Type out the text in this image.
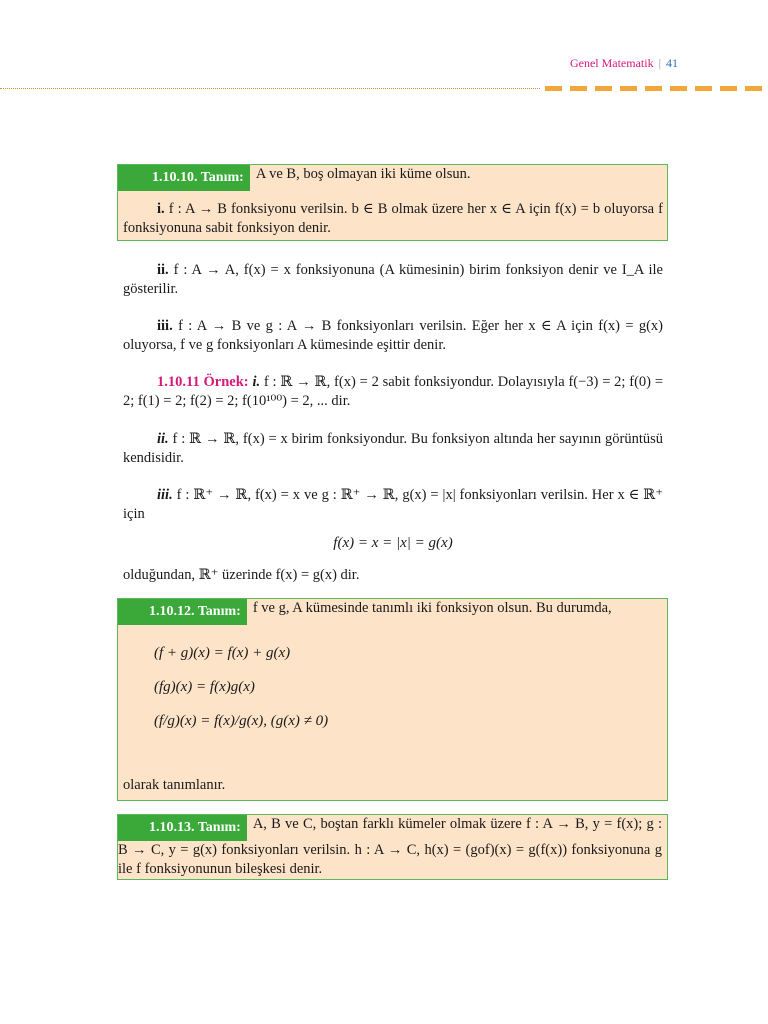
Genel Matematik | 41
1.10.10. Tanım: A ve B, boş olmayan iki küme olsun.
i. f : A → B fonksiyonu verilsin. b ∈ B olmak üzere her x ∈ A için f(x) = b oluyorsa f fonksiyonuna sabit fonksiyon denir.
ii. f : A → A, f(x) = x fonksiyonuna (A kümesinin) birim fonksiyon denir ve I_A ile gösterilir.
iii. f : A → B ve g : A → B fonksiyonları verilsin. Eğer her x ∈ A için f(x) = g(x) oluyorsa, f ve g fonksiyonları A kümesinde eşittir denir.
1.10.11 Örnek: i. f : ℝ → ℝ, f(x) = 2 sabit fonksiyondur. Dolayısıyla f(−3) = 2; f(0) = 2; f(1) = 2; f(2) = 2; f(10¹⁰⁰) = 2, ... dir.
ii. f : ℝ → ℝ, f(x) = x birim fonksiyondur. Bu fonksiyon altında her sayının görüntüsü kendisidir.
iii. f : ℝ⁺ → ℝ, f(x) = x ve g : ℝ⁺ → ℝ, g(x) = |x| fonksiyonları verilsin. Her x ∈ ℝ⁺ için
f(x) = x = |x| = g(x)
olduğundan, ℝ⁺ üzerinde f(x) = g(x) dir.
1.10.12. Tanım: f ve g, A kümesinde tanımlı iki fonksiyon olsun. Bu durumda,
(f + g)(x) = f(x) + g(x)
(fg)(x) = f(x)g(x)
(f/g)(x) = f(x)/g(x), (g(x) ≠ 0)
olarak tanımlanır.
1.10.13. Tanım: A, B ve C, boştan farklı kümeler olmak üzere f : A → B, y = f(x); g : B → C, y = g(x) fonksiyonları verilsin. h : A → C, h(x) = (gof)(x) = g(f(x)) fonksiyonuna g ile f fonksiyonunun bileşkesi denir.
